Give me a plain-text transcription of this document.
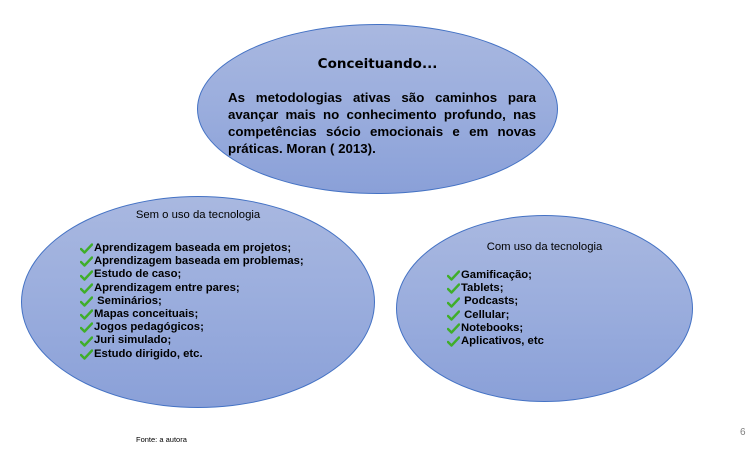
Conceituando...
As metodologias ativas são caminhos para avançar mais no conhecimento profundo, nas competências sócio emocionais e em novas práticas. Moran ( 2013).
Sem o uso da tecnologia
Aprendizagem baseada em projetos;
Aprendizagem baseada em problemas;
Estudo de caso;
Aprendizagem entre pares;
Seminários;
Mapas conceituais;
Jogos pedagógicos;
Juri simulado;
Estudo dirigido, etc.
Com uso da tecnologia
Gamificação;
Tablets;
Podcasts;
Cellular;
Notebooks;
Aplicativos, etc
Fonte: a autora
6
